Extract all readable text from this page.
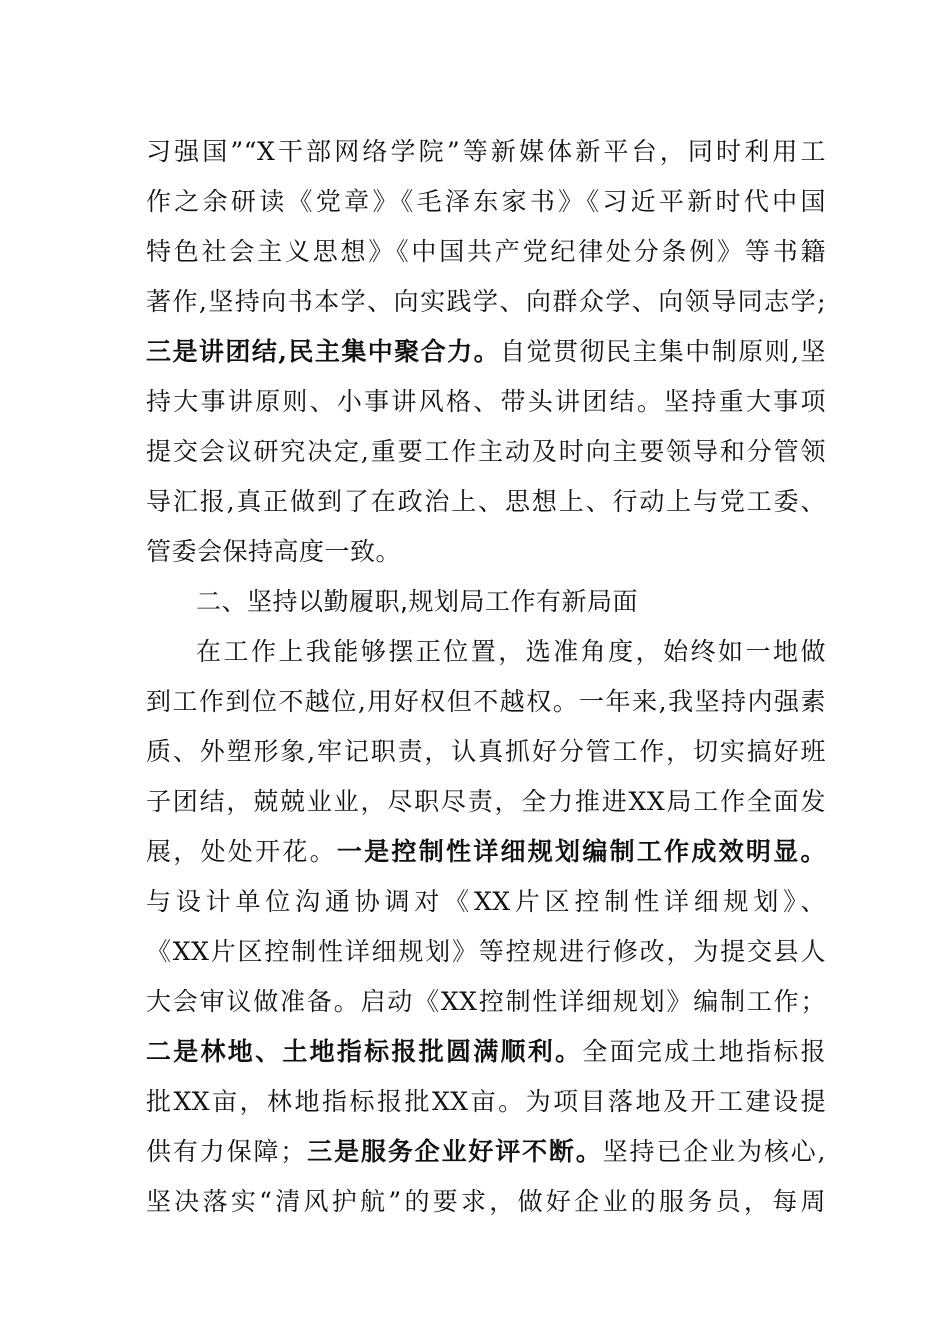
习强国”“X干部网络学院”等新媒体新平台，同时利用工
作之余研读《党章》《毛泽东家书》《习近平新时代中国
特色社会主义思想》《中国共产党纪律处分条例》等书籍
著作,坚持向书本学、向实践学、向群众学、向领导同志学;
三是讲团结,民主集中聚合力。自觉贯彻民主集中制原则,坚
持大事讲原则、小事讲风格、带头讲团结。坚持重大事项
提交会议研究决定,重要工作主动及时向主要领导和分管领
导汇报,真正做到了在政治上、思想上、行动上与党工委、
管委会保持高度一致。
二、坚持以勤履职,规划局工作有新局面
在工作上我能够摆正位置，选准角度，始终如一地做
到工作到位不越位,用好权但不越权。一年来,我坚持内强素
质、外塑形象,牢记职责，认真抓好分管工作，切实搞好班
子团结，兢兢业业，尽职尽责，全力推进XX局工作全面发
展，处处开花。一是控制性详细规划编制工作成效明显。
与设计单位沟通协调对《XX片区控制性详细规划》、
《XX片区控制性详细规划》等控规进行修改，为提交县人
大会审议做准备。启动《XX控制性详细规划》编制工作；
二是林地、土地指标报批圆满顺利。全面完成土地指标报
批XX亩，林地指标报批XX亩。为项目落地及开工建设提
供有力保障；三是服务企业好评不断。坚持已企业为核心,
坚决落实“清风护航”的要求，做好企业的服务员，每周
